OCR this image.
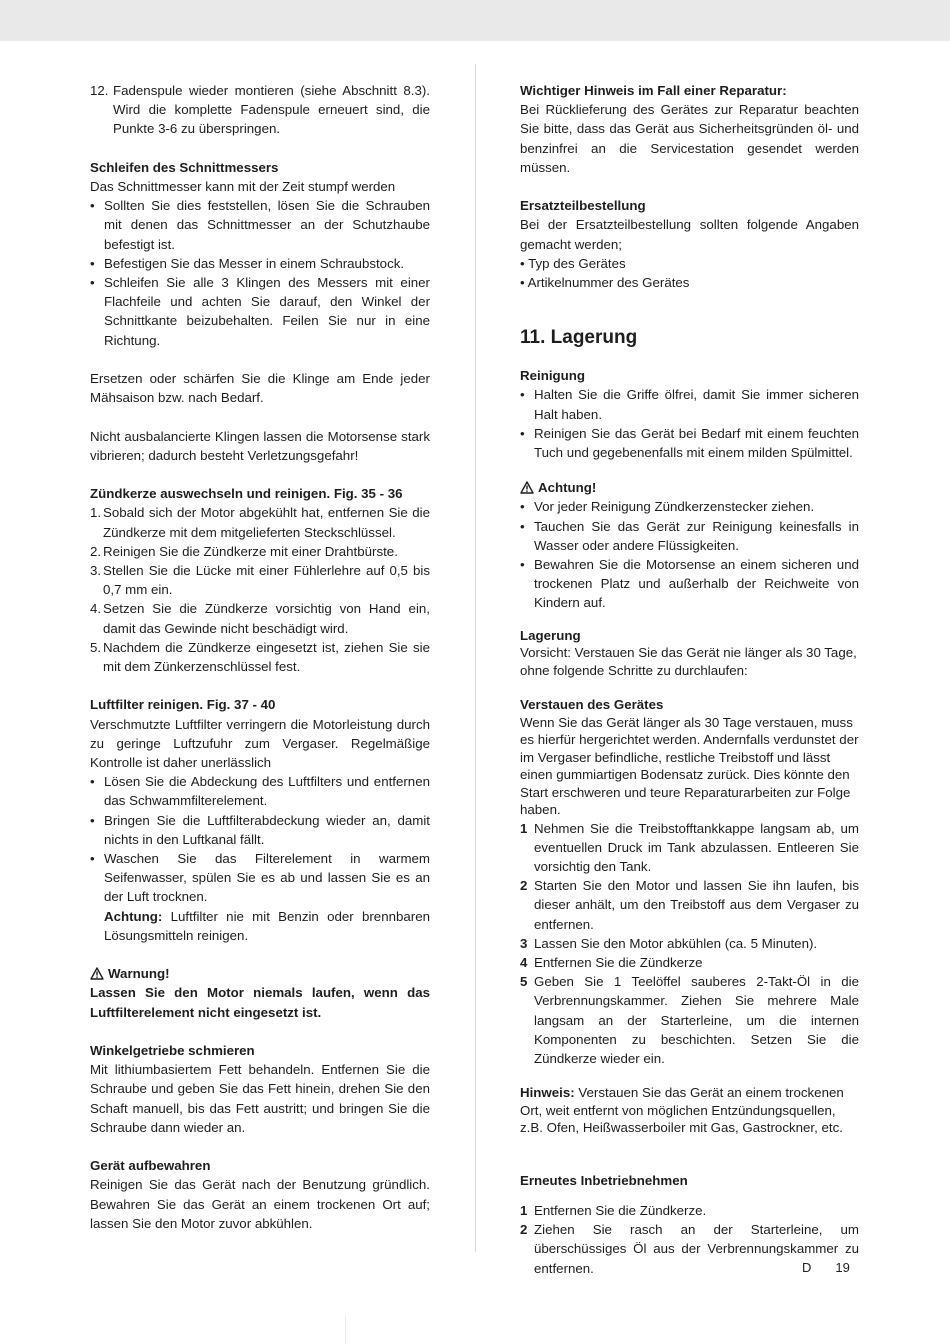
12. Fadenspule wieder montieren (siehe Abschnitt 8.3). Wird die komplette Fadenspule erneuert sind, die Punkte 3-6 zu überspringen.
Schleifen des Schnittmessers

Das Schnittmesser kann mit der Zeit stumpf werden

• Sollten Sie dies feststellen, lösen Sie die Schrauben mit denen das Schnittmesser an der Schutzhaube befestigt ist.
• Befestigen Sie das Messer in einem Schraubstock.
• Schleifen Sie alle 3 Klingen des Messers mit einer Flachfeile und achten Sie darauf, den Winkel der Schnittkante beizubehalten. Feilen Sie nur in eine Richtung.

Ersetzen oder schärfen Sie die Klinge am Ende jeder Mähsaison bzw. nach Bedarf.

Nicht ausbalancierte Klingen lassen die Motorsense stark vibrieren; dadurch besteht Verletzungsgefahr!

Zündkerze auswechseln und reinigen. Fig. 35 - 36
1. Sobald sich der Motor abgekühlt hat, entfernen Sie die Zündkerze mit dem mitgelieferten Steckschlüssel.
2. Reinigen Sie die Zündkerze mit einer Drahtbürste.
3. Stellen Sie die Lücke mit einer Fühlerlehre auf 0,5 bis 0,7 mm ein.
4. Setzen Sie die Zündkerze vorsichtig von Hand ein, damit das Gewinde nicht beschädigt wird.
5. Nachdem die Zündkerze eingesetzt ist, ziehen Sie sie mit dem Zünkerzenschlüssel fest.
Luftfilter reinigen. Fig. 37 - 40

Verschmutzte Luftfilter verringern die Motorleistung durch zu geringe Luftzufuhr zum Vergaser. Regelmäßige Kontrolle ist daher unerlässlich

• Lösen Sie die Abdeckung des Luftfilters und entfernen das Schwammfilterelement.
• Bringen Sie die Luftfilterabdeckung wieder an, damit nichts in den Luftkanal fällt.
• Waschen Sie das Filterelement in warmem Seifenwasser, spülen Sie es ab und lassen Sie es an der Luft trocknen.
Achtung: Luftfilter nie mit Benzin oder brennbaren Lösungsmitteln reinigen.
Warnung!

Lassen Sie den Motor niemals laufen, wenn das Luftfilterelement nicht eingesetzt ist.

Winkelgetriebe schmieren

Mit lithiumbasiertem Fett behandeln. Entfernen Sie die Schraube und geben Sie das Fett hinein, drehen Sie den Schaft manuell, bis das Fett austritt; und bringen Sie die Schraube dann wieder an.

Gerät aufbewahren

Reinigen Sie das Gerät nach der Benutzung gründlich. Bewahren Sie das Gerät an einem trockenen Ort auf; lassen Sie den Motor zuvor abkühlen.

Wichtiger Hinweis im Fall einer Reparatur:

Bei Rücklieferung des Gerätes zur Reparatur beachten Sie bitte, dass das Gerät aus Sicherheitsgründen öl- und benzinfrei an die Servicestation gesendet werden müssen.

Ersatzteilbestellung

Bei der Ersatzteilbestellung sollten folgende Angaben gemacht werden;

• Typ des Gerätes
• Artikelnummer des Gerätes
11. Lagerung
Reinigung
• Halten Sie die Griffe ölfrei, damit Sie immer sicheren Halt haben.
• Reinigen Sie das Gerät bei Bedarf mit einem feuchten Tuch und gegebenenfalls mit einem milden Spülmittel.
Achtung!
• Vor jeder Reinigung Zündkerzenstecker ziehen.
• Tauchen Sie das Gerät zur Reinigung keinesfalls in Wasser oder andere Flüssigkeiten.
• Bewahren Sie die Motorsense an einem sicheren und trockenen Platz und außerhalb der Reichweite von Kindern auf.
Lagerung

Vorsicht: Verstauen Sie das Gerät nie länger als 30 Tage, ohne folgende Schritte zu durchlaufen:

Verstauen des Gerätes

Wenn Sie das Gerät länger als 30 Tage verstauen, muss es hierfür hergerichtet werden. Andernfalls verdunstet der im Vergaser befindliche, restliche Treibstoff und lässt einen gummiartigen Bodensatz zurück. Dies könnte den Start erschweren und teure Reparaturarbeiten zur Folge haben.

1 Nehmen Sie die Treibstofftankkappe langsam ab, um eventuellen Druck im Tank abzulassen. Entleeren Sie vorsichtig den Tank.
2 Starten Sie den Motor und lassen Sie ihn laufen, bis dieser anhält, um den Treibstoff aus dem Vergaser zu entfernen.
3 Lassen Sie den Motor abkühlen (ca. 5 Minuten).
4 Entfernen Sie die Zündkerze
5 Geben Sie 1 Teelöffel sauberes 2-Takt-Öl in die Verbrennungskammer. Ziehen Sie mehrere Male langsam an der Starterleine, um die internen Komponenten zu beschichten. Setzen Sie die Zündkerze wieder ein.

Hinweis: Verstauen Sie das Gerät an einem trockenen Ort, weit entfernt von möglichen Entzündungsquellen, z.B. Ofen, Heißwasserboiler mit Gas, Gastrockner, etc.

Erneutes Inbetriebnehmen
1 Entfernen Sie die Zündkerze.
2 Ziehen Sie rasch an der Starterleine, um überschüssiges Öl aus der Verbrennungskammer zu entfernen.	D 19
